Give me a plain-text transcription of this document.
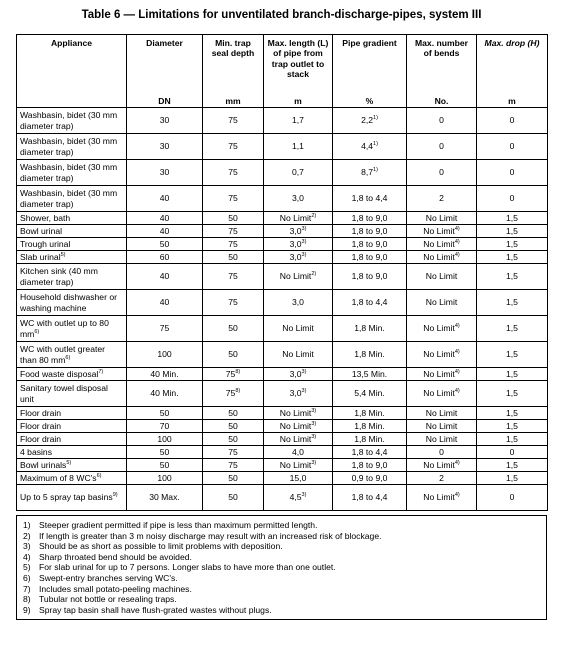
Table 6 — Limitations for unventilated branch-discharge-pipes, system III
Appliance	Diameter	Min. trap seal depth	Max. length (L) of pipe from trap outlet to stack	Pipe gradient	Max. number of bends	Max. drop (H)
	DN	mm	m	%	No.	m
Washbasin, bidet (30 mm diameter trap)	30	75	1,7	2,2$^{1)}$	0	0
Washbasin, bidet (30 mm diameter trap)	30	75	1,1	4,4$^{1)}$	0	0
Washbasin, bidet (30 mm diameter trap)	30	75	0,7	8,7$^{1)}$	0	0
Washbasin, bidet (30 mm diameter trap)	40	75	3,0	1,8 to 4,4	2	0
Shower, bath	40	50	No Limit$^{2)}$	1,8 to 9,0	No Limit	1,5
Bowl urinal	40	75	3,0$^{3)}$	1,8 to 9,0	No Limit$^{4)}$	1,5
Trough urinal	50	75	3,0$^{3)}$	1,8 to 9,0	No Limit$^{4)}$	1,5
Slab urinal$^{5)}$	60	50	3,0$^{3)}$	1,8 to 9,0	No Limit$^{4)}$	1,5
Kitchen sink (40 mm diameter trap)	40	75	No Limit$^{2)}$	1,8 to 9,0	No Limit	1,5
Household dishwasher or washing machine	40	75	3,0	1,8 to 4,4	No Limit	1,5
WC with outlet up to 80 $mm^{6)}$	75	50	No Limit	1,8 Min.	No Limit$^{4)}$	1,5
WC with outlet greater than 80 $mm^{6)}$	100	50	No Limit	1,8 Min.	No Limit$^{4)}$	1,5
Food waste disposal$^{7)}$	40 Min.	75$^{8)}$	3,0$^{3)}$	13,5 Min.	No Limit$^{4)}$	1,5
Sanitary towel disposal unit	40 Min.	75$^{8)}$	3,0$^{3)}$	5,4 Min.	No Limit$^{4)}$	1,5
Floor drain	50	50	No Limit$^{3)}$	1,8 Min.	No Limit	1,5
Floor drain	70	50	No Limit$^{3)}$	1,8 Min.	No Limit	1,5
Floor drain	100	50	No Limit$^{3)}$	1,8 Min.	No Limit	1,5
4 basins	50	75	4,0	1,8 to 4,4	0	0
Bowl urinals$^{5)}$	50	75	No Limit$^{3)}$	1,8 to 9,0	No Limit$^{4)}$	1,5
Maximum of 8 $WC's^{6)}$	100	50	15,0	0,9 to 9,0	2	1,5
Up to 5 spray tap basins$^{9)}$	30 Max.	50	4,5$^{3)}$	1,8 to 4,4	No Limit$^{4)}$	0
1) Steeper gradient permitted if pipe is less than maximum permitted length.
2) If length is greater than 3 m noisy discharge may result with an increased risk of blockage.
3) Should be as short as possible to limit problems with deposition.
4) Sharp throated bend should be avoided.
5) For slab urinal for up to 7 persons. Longer slabs to have more than one outlet.
6) Swept-entry branches serving WC's.
7) Includes small potato-peeling machines.
8) Tubular not bottle or resealing traps.
9) Spray tap basin shall have flush-grated wastes without plugs.
